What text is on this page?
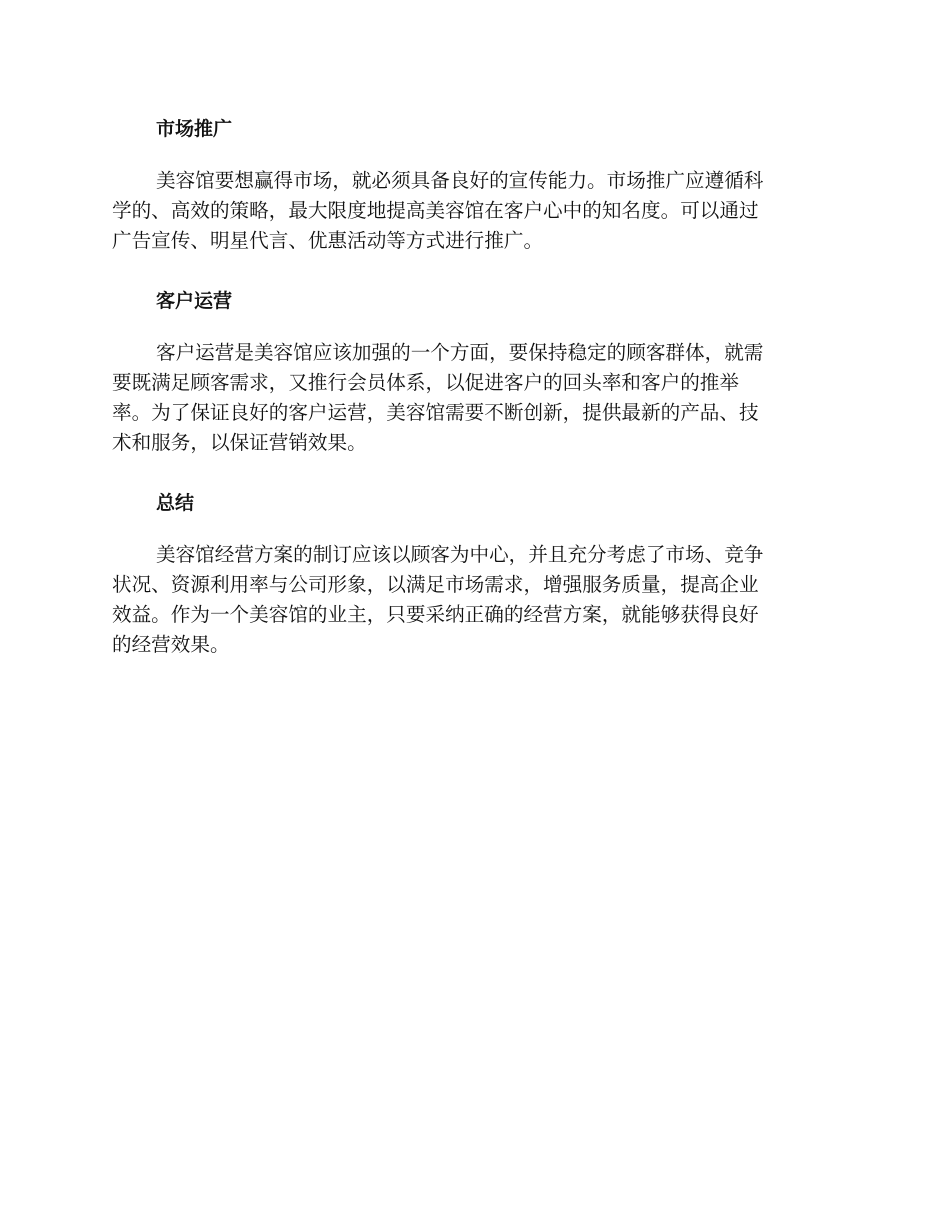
市场推广

美容馆要想赢得市场，就必须具备良好的宣传能力。市场推广应遵循科
学的、高效的策略，最大限度地提高美容馆在客户心中的知名度。可以通过
广告宣传、明星代言、优惠活动等方式进行推广。

客户运营

客户运营是美容馆应该加强的一个方面，要保持稳定的顾客群体，就需
要既满足顾客需求，又推行会员体系，以促进客户的回头率和客户的推举
率。为了保证良好的客户运营，美容馆需要不断创新，提供最新的产品、技
术和服务，以保证营销效果。

总结

美容馆经营方案的制订应该以顾客为中心，并且充分考虑了市场、竞争
状况、资源利用率与公司形象，以满足市场需求，增强服务质量，提高企业
效益。作为一个美容馆的业主，只要采纳正确的经营方案，就能够获得良好
的经营效果。
